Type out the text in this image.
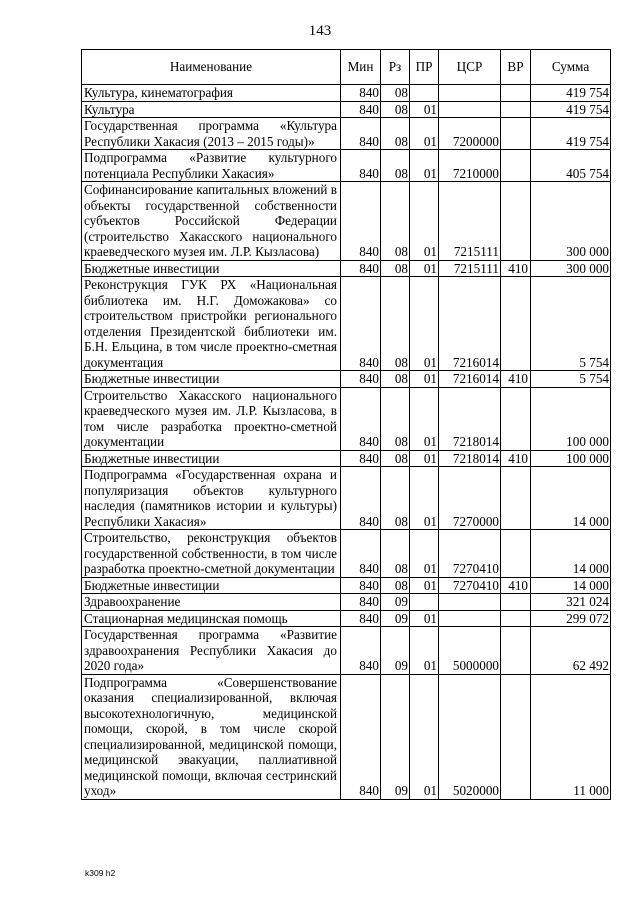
143
Наименование	Мин	Рз	ПР	ЦСР	ВР	Сумма
Культура, кинематография	840	08				419 754
Культура	840	08	01			419 754
Государственная программа «Культура Республики Хакасия (2013 – 2015 годы)»	840	08	01	7200000		419 754
Подпрограмма «Развитие культурного потенциала Республики Хакасия»	840	08	01	7210000		405 754
Софинансирование капитальных вложений в объекты государственной собственности субъектов Российской Федерации (строительство Хакасского национального краеведческого музея им. Л.Р. Кызласова)	840	08	01	7215111		300 000
Бюджетные инвестиции	840	08	01	7215111	410	300 000
Реконструкция ГУК РХ «Национальная библиотека им. Н.Г. Доможакова» со строительством пристройки регионального отделения Президентской библиотеки им. Б.Н. Ельцина, в том числе проектно-сметная документация	840	08	01	7216014		5 754
Бюджетные инвестиции	840	08	01	7216014	410	5 754
Строительство Хакасского национального краеведческого музея им. Л.Р. Кызласова, в том числе разработка проектно-сметной документации	840	08	01	7218014		100 000
Бюджетные инвестиции	840	08	01	7218014	410	100 000
Подпрограмма «Государственная охрана и популяризация объектов культурного наследия (памятников истории и культуры) Республики Хакасия»	840	08	01	7270000		14 000
Строительство, реконструкция объектов государственной собственности, в том числе разработка проектно-сметной документации	840	08	01	7270410		14 000
Бюджетные инвестиции	840	08	01	7270410	410	14 000
Здравоохранение	840	09				321 024
Стационарная медицинская помощь	840	09	01			299 072
Государственная программа «Развитие здравоохранения Республики Хакасия до 2020 года»	840	09	01	5000000		62 492
Подпрограмма «Совершенствование оказания специализированной, включая высокотехнологичную, медицинской помощи, скорой, в том числе скорой специализированной, медицинской помощи, медицинской эвакуации, паллиативной медицинской помощи, включая сестринский уход»	840	09	01	5020000		11 000
k309 h2
